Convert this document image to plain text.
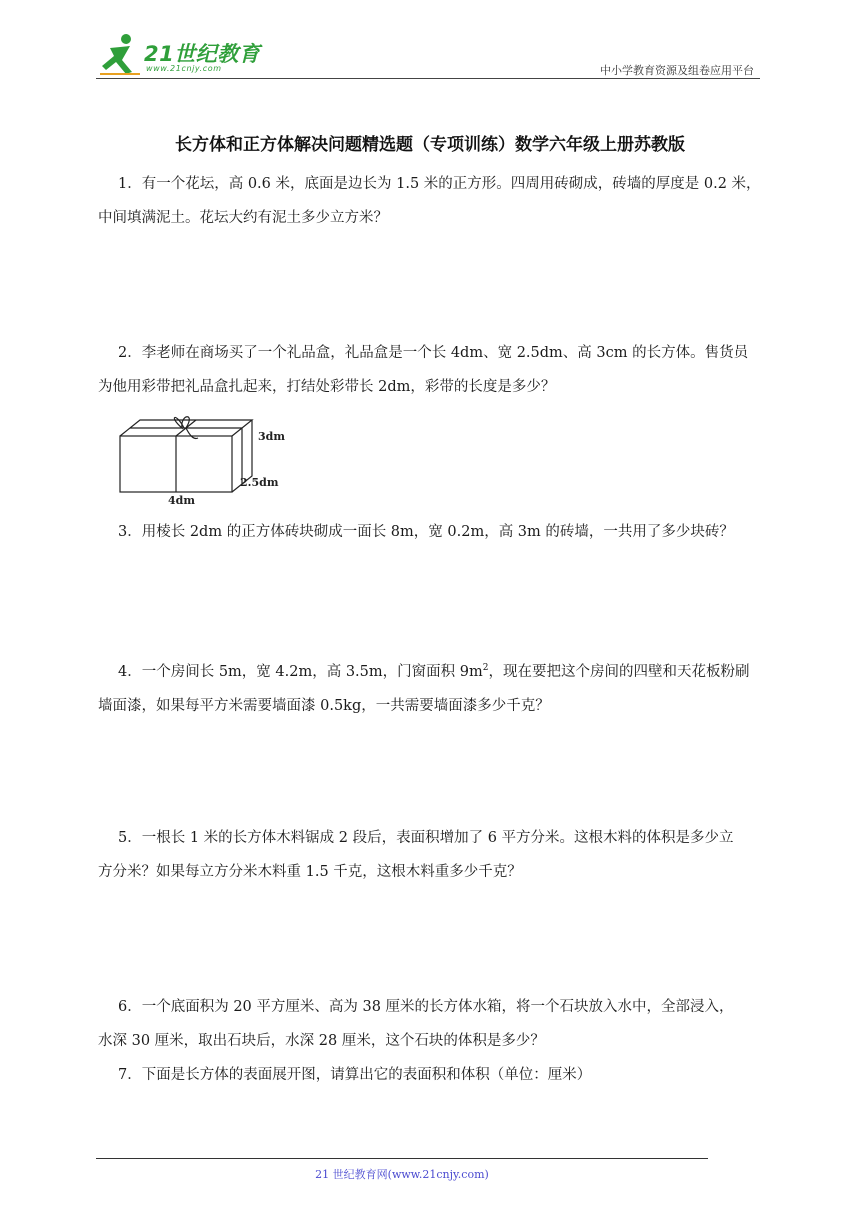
21世纪教育
www.21cnjy.com	中小学教育资源及组卷应用平台
长方体和正方体解决问题精选题（专项训练）数学六年级上册苏教版
1．有一个花坛，高 0.6 米，底面是边长为 1.5 米的正方形。四周用砖砌成，砖墙的厚度是 0.2 米，
中间填满泥土。花坛大约有泥土多少立方米？
2．李老师在商场买了一个礼品盒，礼品盒是一个长 4dm、宽 2.5dm、高 3cm 的长方体。售货员
为他用彩带把礼品盒扎起来，打结处彩带长 2dm，彩带的长度是多少？
3dm
2.5dm
4dm
3．用棱长 2dm 的正方体砖块砌成一面长 8m，宽 0.2m，高 3m 的砖墙，一共用了多少块砖？
4．一个房间长 5m，宽 4.2m，高 3.5m，门窗面积 $9m^2$，现在要把这个房间的四壁和天花板粉刷
墙面漆，如果每平方米需要墙面漆 0.5kg，一共需要墙面漆多少千克？
5．一根长 1 米的长方体木料锯成 2 段后，表面积增加了 6 平方分米。这根木料的体积是多少立
方分米？如果每立方分米木料重 1.5 千克，这根木料重多少千克？
6．一个底面积为 20 平方厘米、高为 38 厘米的长方体水箱，将一个石块放入水中，全部浸入，
水深 30 厘米，取出石块后，水深 28 厘米，这个石块的体积是多少？
7．下面是长方体的表面展开图，请算出它的表面积和体积（单位：厘米）
21 世纪教育网(www.21cnjy.com)
